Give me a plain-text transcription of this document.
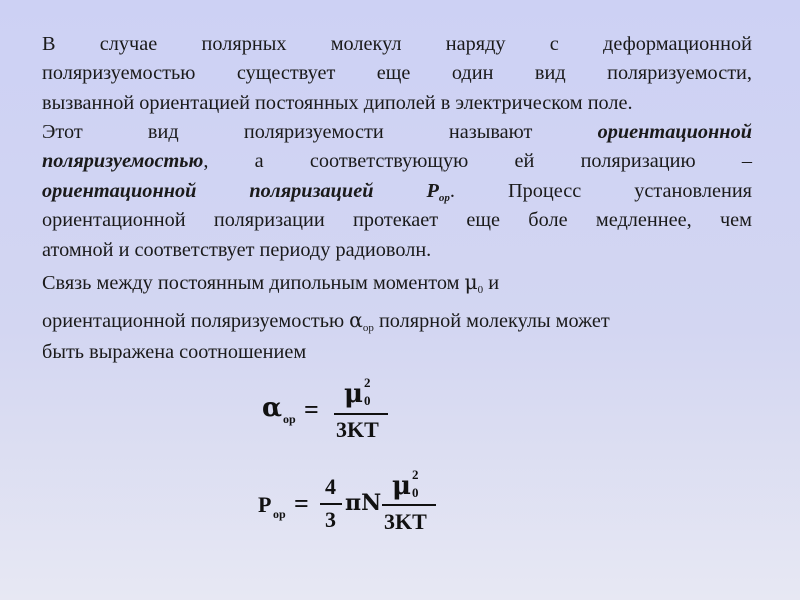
В случае полярных молекул наряду с деформационной
поляризуемостью существует еще один вид поляризуемости,
вызванной ориентацией постоянных диполей в электрическом поле.
Этот вид поляризуемости называют	ориентационной
поляризуемостью, а соответствующую ей поляризацию –
ориентационной поляризацией	Pор. Процесс установления
ориентационной поляризации протекает еще боле медленнее, чем
атомной и соответствует периоду радиоволн.
Связь между постоянным дипольным моментом μ0 и
ориентационной поляризуемостью αор полярной молекулы может
быть выражена соотношением
α ор =
μ 2
0
3KT
P ор =
4
3
πN
μ 2
0
3KT
